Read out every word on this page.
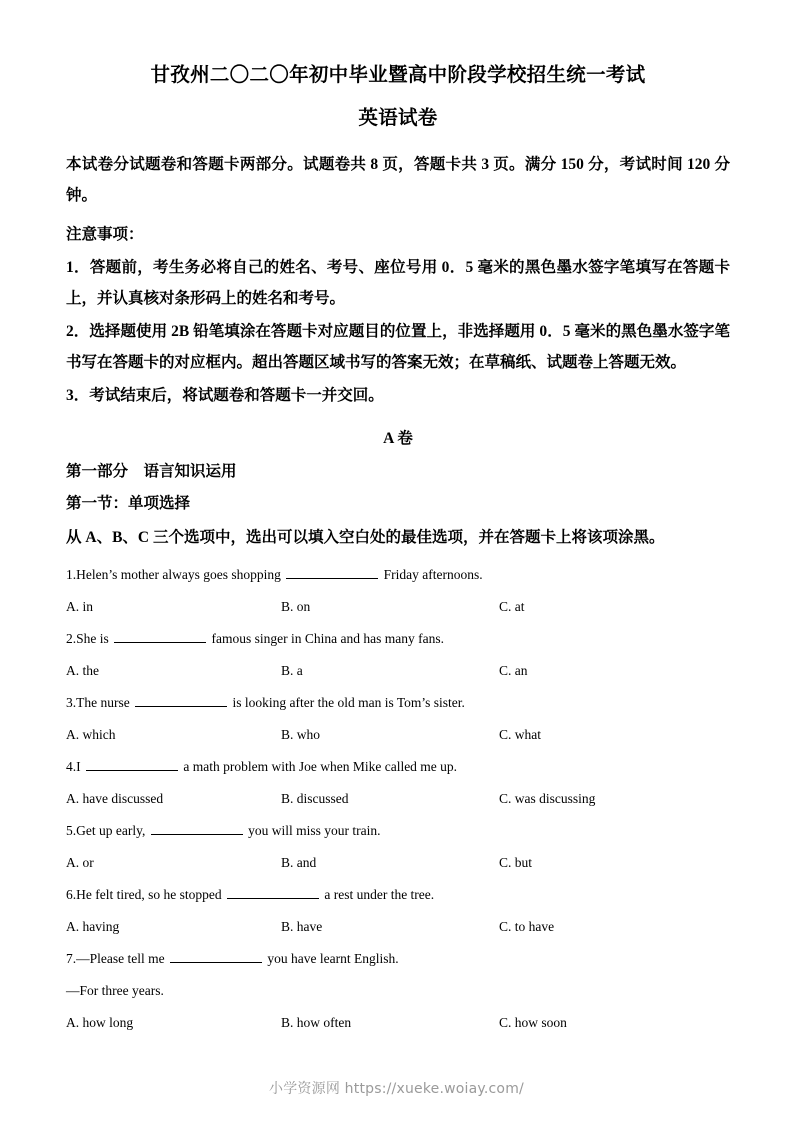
甘孜州二〇二〇年初中毕业暨高中阶段学校招生统一考试
英语试卷
本试卷分试题卷和答题卡两部分。试题卷共 8 页，答题卡共 3 页。满分 150 分，考试时间 120 分钟。
注意事项：
1．答题前，考生务必将自己的姓名、考号、座位号用 0．5 毫米的黑色墨水签字笔填写在答题卡上，并认真核对条形码上的姓名和考号。
2．选择题使用 2B 铅笔填涂在答题卡对应题目的位置上，非选择题用 0．5 毫米的黑色墨水签字笔书写在答题卡的对应框内。超出答题区域书写的答案无效；在草稿纸、试题卷上答题无效。
3．考试结束后，将试题卷和答题卡一并交回。
A 卷
第一部分　语言知识运用
第一节：单项选择
从 A、B、C 三个选项中，选出可以填入空白处的最佳选项，并在答题卡上将该项涂黑。
1.Helen’s mother always goes shopping	Friday afternoons.
A. in	B. on	C. at
2.She is	famous singer in China and has many fans.
A. the	B. a	C. an
3.The nurse	is looking after the old man is Tom’s sister.
A. which	B. who	C. what
4.I	a math problem with Joe when Mike called me up.
A. have discussed	B. discussed	C. was discussing
5.Get up early,	you will miss your train.
A. or	B. and	C. but
6.He felt tired, so he stopped	a rest under the tree.
A. having	B. have	C. to have
7.—Please tell me	you have learnt English.
—For three years.
A. how long	B. how often	C. how soon
小学资源网 https://xueke.woiay.com/
